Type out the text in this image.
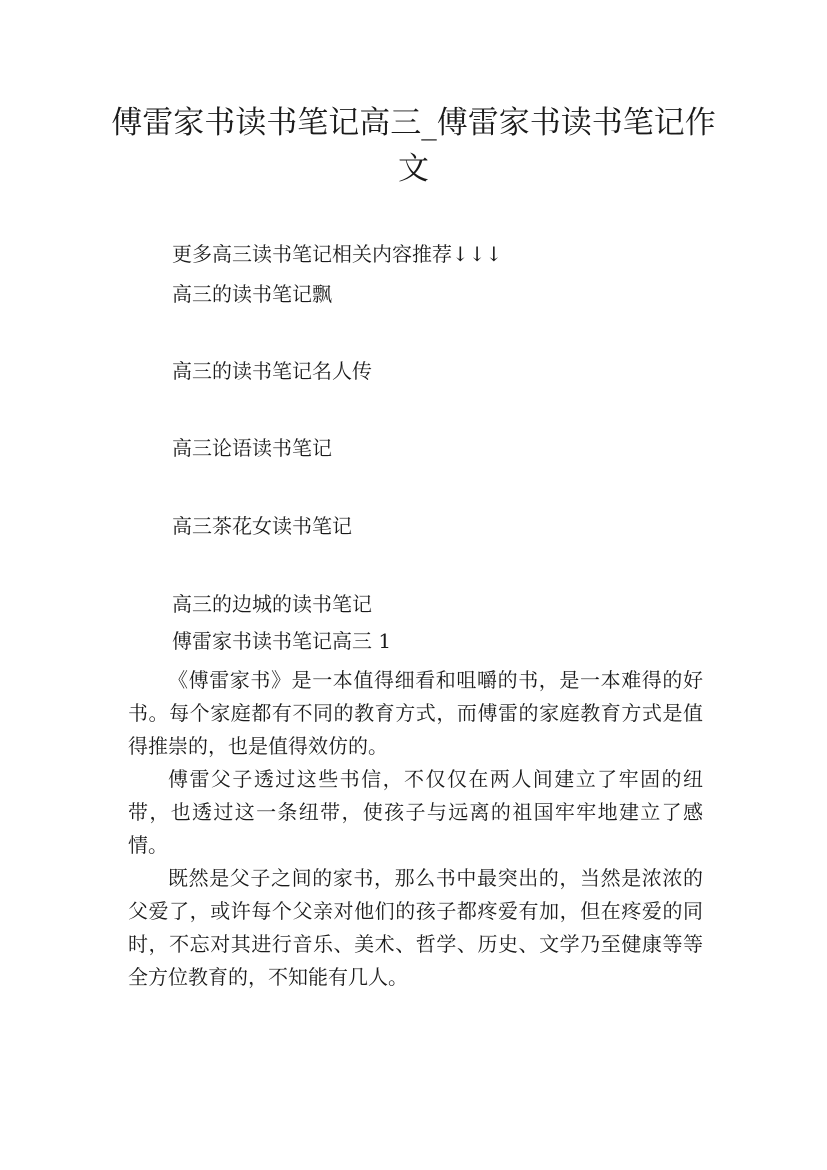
傅雷家书读书笔记高三_傅雷家书读书笔记作文

更多高三读书笔记相关内容推荐↓↓↓

高三的读书笔记飘

高三的读书笔记名人传

高三论语读书笔记

高三茶花女读书笔记

高三的边城的读书笔记

傅雷家书读书笔记高三 1

《傅雷家书》是一本值得细看和咀嚼的书，是一本难得的好书。每个家庭都有不同的教育方式，而傅雷的家庭教育方式是值得推崇的，也是值得效仿的。

傅雷父子透过这些书信，不仅仅在两人间建立了牢固的纽带，也透过这一条纽带，使孩子与远离的祖国牢牢地建立了感情。

既然是父子之间的家书，那么书中最突出的，当然是浓浓的父爱了，或许每个父亲对他们的孩子都疼爱有加，但在疼爱的同时，不忘对其进行音乐、美术、哲学、历史、文学乃至健康等等全方位教育的，不知能有几人。
